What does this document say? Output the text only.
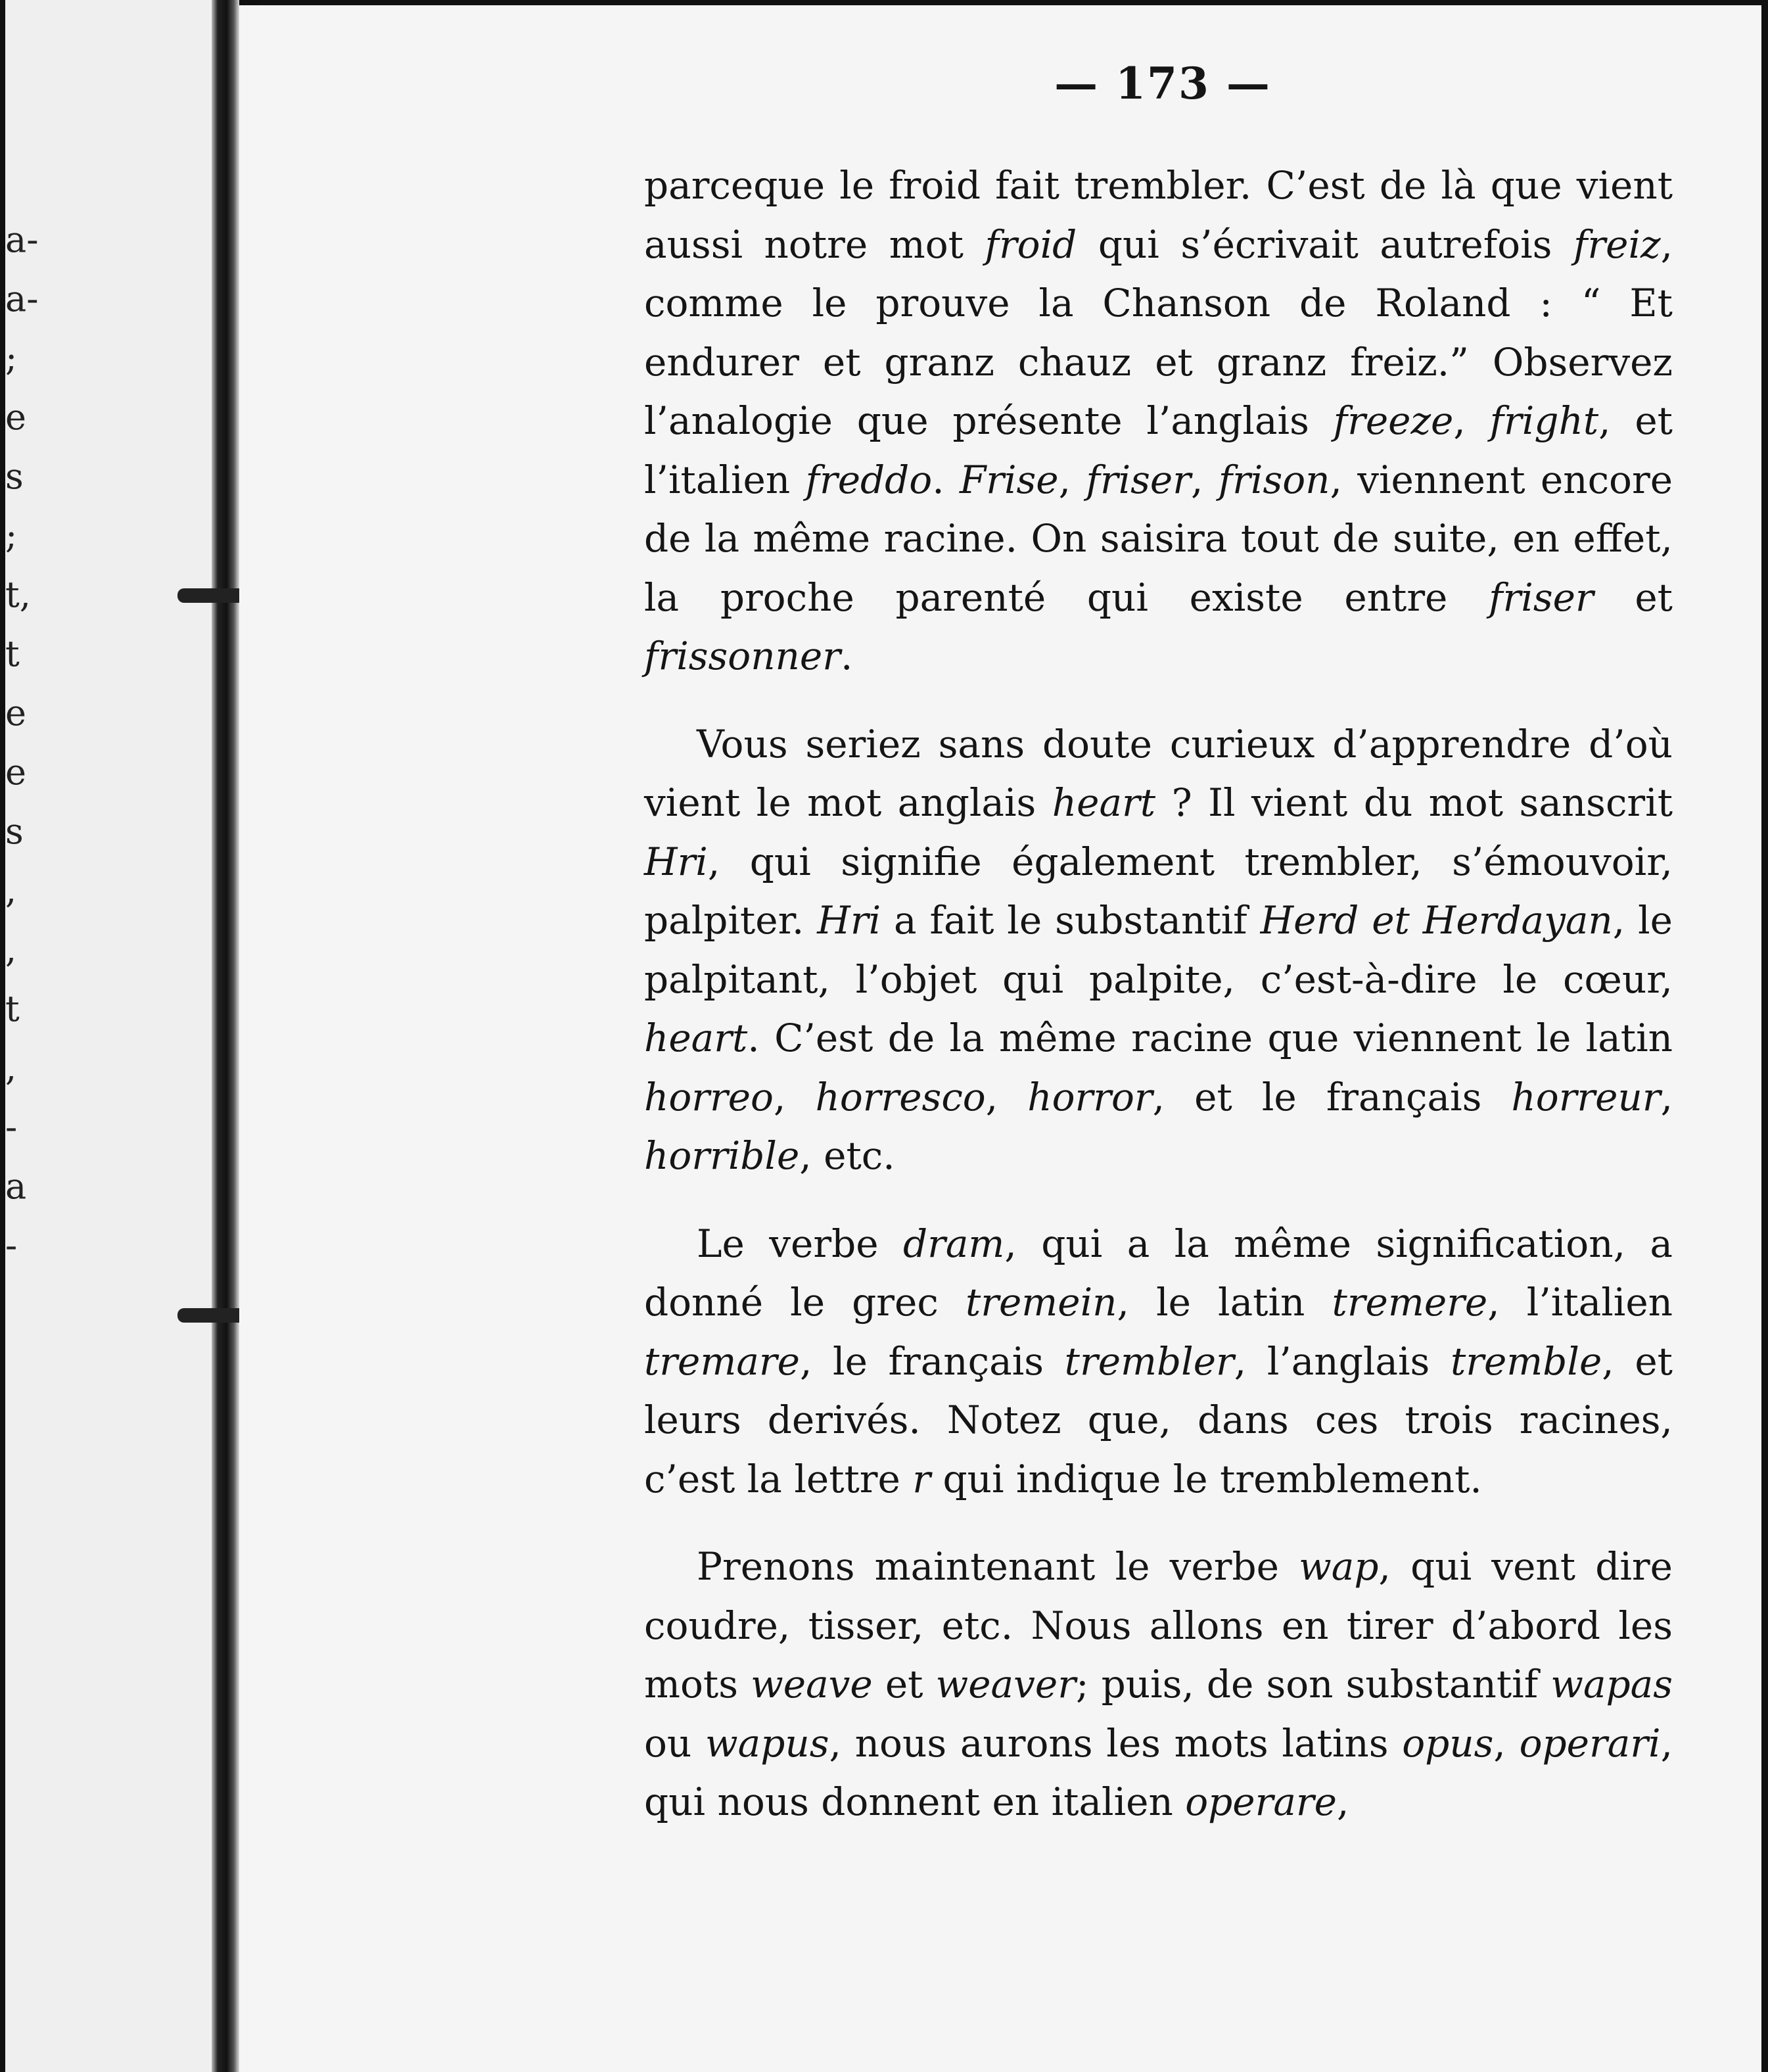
a-
a-
;
e
s
;
t,
t
e
e
s
,
,
t
,
-
a
-
— 173 —

parceque le froid fait trembler. C’est de là que vient aussi notre mot froid qui s’écrivait autrefois freiz, comme le prouve la Chanson de Roland : “ Et endurer et granz chauz et granz freiz.” Observez l’analogie que présente l’anglais freeze, fright, et l’italien freddo. Frise, friser, frison, viennent encore de la même racine. On saisira tout de suite, en effet, la proche parenté qui existe entre friser et frissonner.

Vous seriez sans doute curieux d’apprendre d’où vient le mot anglais heart ? Il vient du mot sanscrit Hri, qui signifie également trembler, s’émouvoir, palpiter. Hri a fait le substantif Herd et Herdayan, le palpitant, l’objet qui palpite, c’est-à-dire le cœur, heart. C’est de la même racine que viennent le latin horreo, horresco, horror, et le français horreur, horrible, etc.

Le verbe dram, qui a la même signification, a donné le grec tremein, le latin tremere, l’italien tremare, le français trembler, l’anglais tremble, et leurs derivés. Notez que, dans ces trois racines, c’est la lettre r qui indique le tremblement.

Prenons maintenant le verbe wap, qui vent dire coudre, tisser, etc. Nous allons en tirer d’abord les mots weave et weaver; puis, de son substantif wapas ou wapus, nous aurons les mots latins opus, operari, qui nous donnent en italien operare,
